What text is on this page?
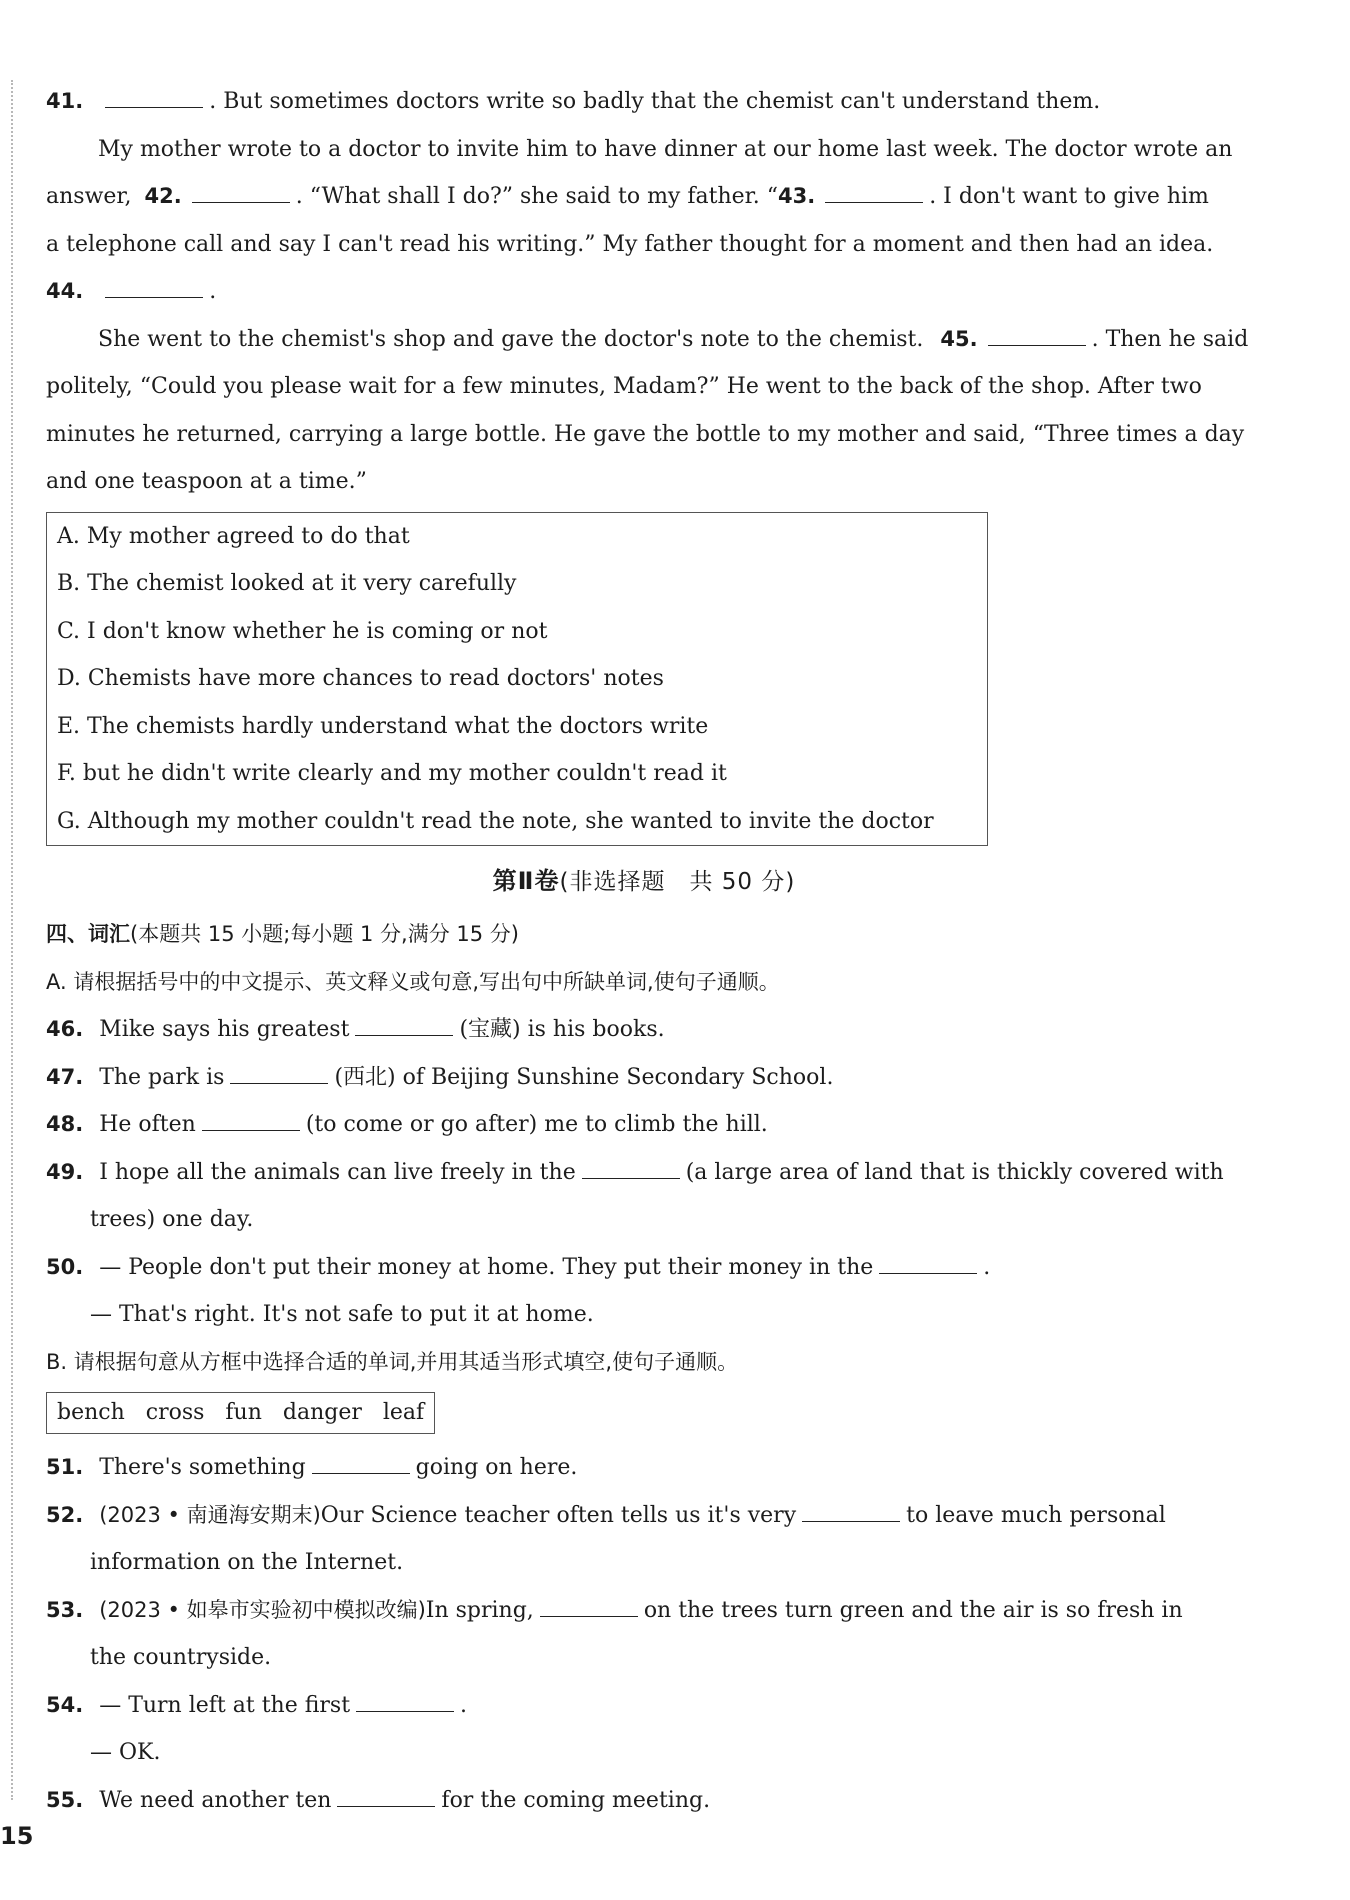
41.	. But sometimes doctors write so badly that the chemist can't understand them.
My mother wrote to a doctor to invite him to have dinner at our home last week. The doctor wrote an
answer, 42.	. “What shall I do?” she said to my father. “43.	. I don't want to give him
a telephone call and say I can't read his writing.” My father thought for a moment and then had an idea.
44.	.
She went to the chemist's shop and gave the doctor's note to the chemist. 45.	. Then he said
politely, “Could you please wait for a few minutes, Madam?” He went to the back of the shop. After two
minutes he returned, carrying a large bottle. He gave the bottle to my mother and said, “Three times a day
and one teaspoon at a time.”
A. My mother agreed to do that
B. The chemist looked at it very carefully
C. I don't know whether he is coming or not
D. Chemists have more chances to read doctors' notes
E. The chemists hardly understand what the doctors write
F. but he didn't write clearly and my mother couldn't read it
G. Although my mother couldn't read the note, she wanted to invite the doctor
第Ⅱ卷(非选择题　共 50 分)
四、词汇(本题共 15 小题;每小题 1 分,满分 15 分)
A. 请根据括号中的中文提示、英文释义或句意,写出句中所缺单词,使句子通顺。
46. Mike says his greatest	(宝藏) is his books.
47. The park is	(西北) of Beijing Sunshine Secondary School.
48. He often	(to come or go after) me to climb the hill.
49. I hope all the animals can live freely in the	(a large area of land that is thickly covered with
trees) one day.
50. — People don't put their money at home. They put their money in the	.
— That's right. It's not safe to put it at home.
B. 请根据句意从方框中选择合适的单词,并用其适当形式填空,使句子通顺。
bench cross fun danger leaf
51. There's something	going on here.
52. (2023 • 南通海安期末)Our Science teacher often tells us it's very	to leave much personal
information on the Internet.
53. (2023 • 如皋市实验初中模拟改编)In spring,	on the trees turn green and the air is so fresh in
the countryside.
54. — Turn left at the first	.
— OK.
55. We need another ten	for the coming meeting.
15
